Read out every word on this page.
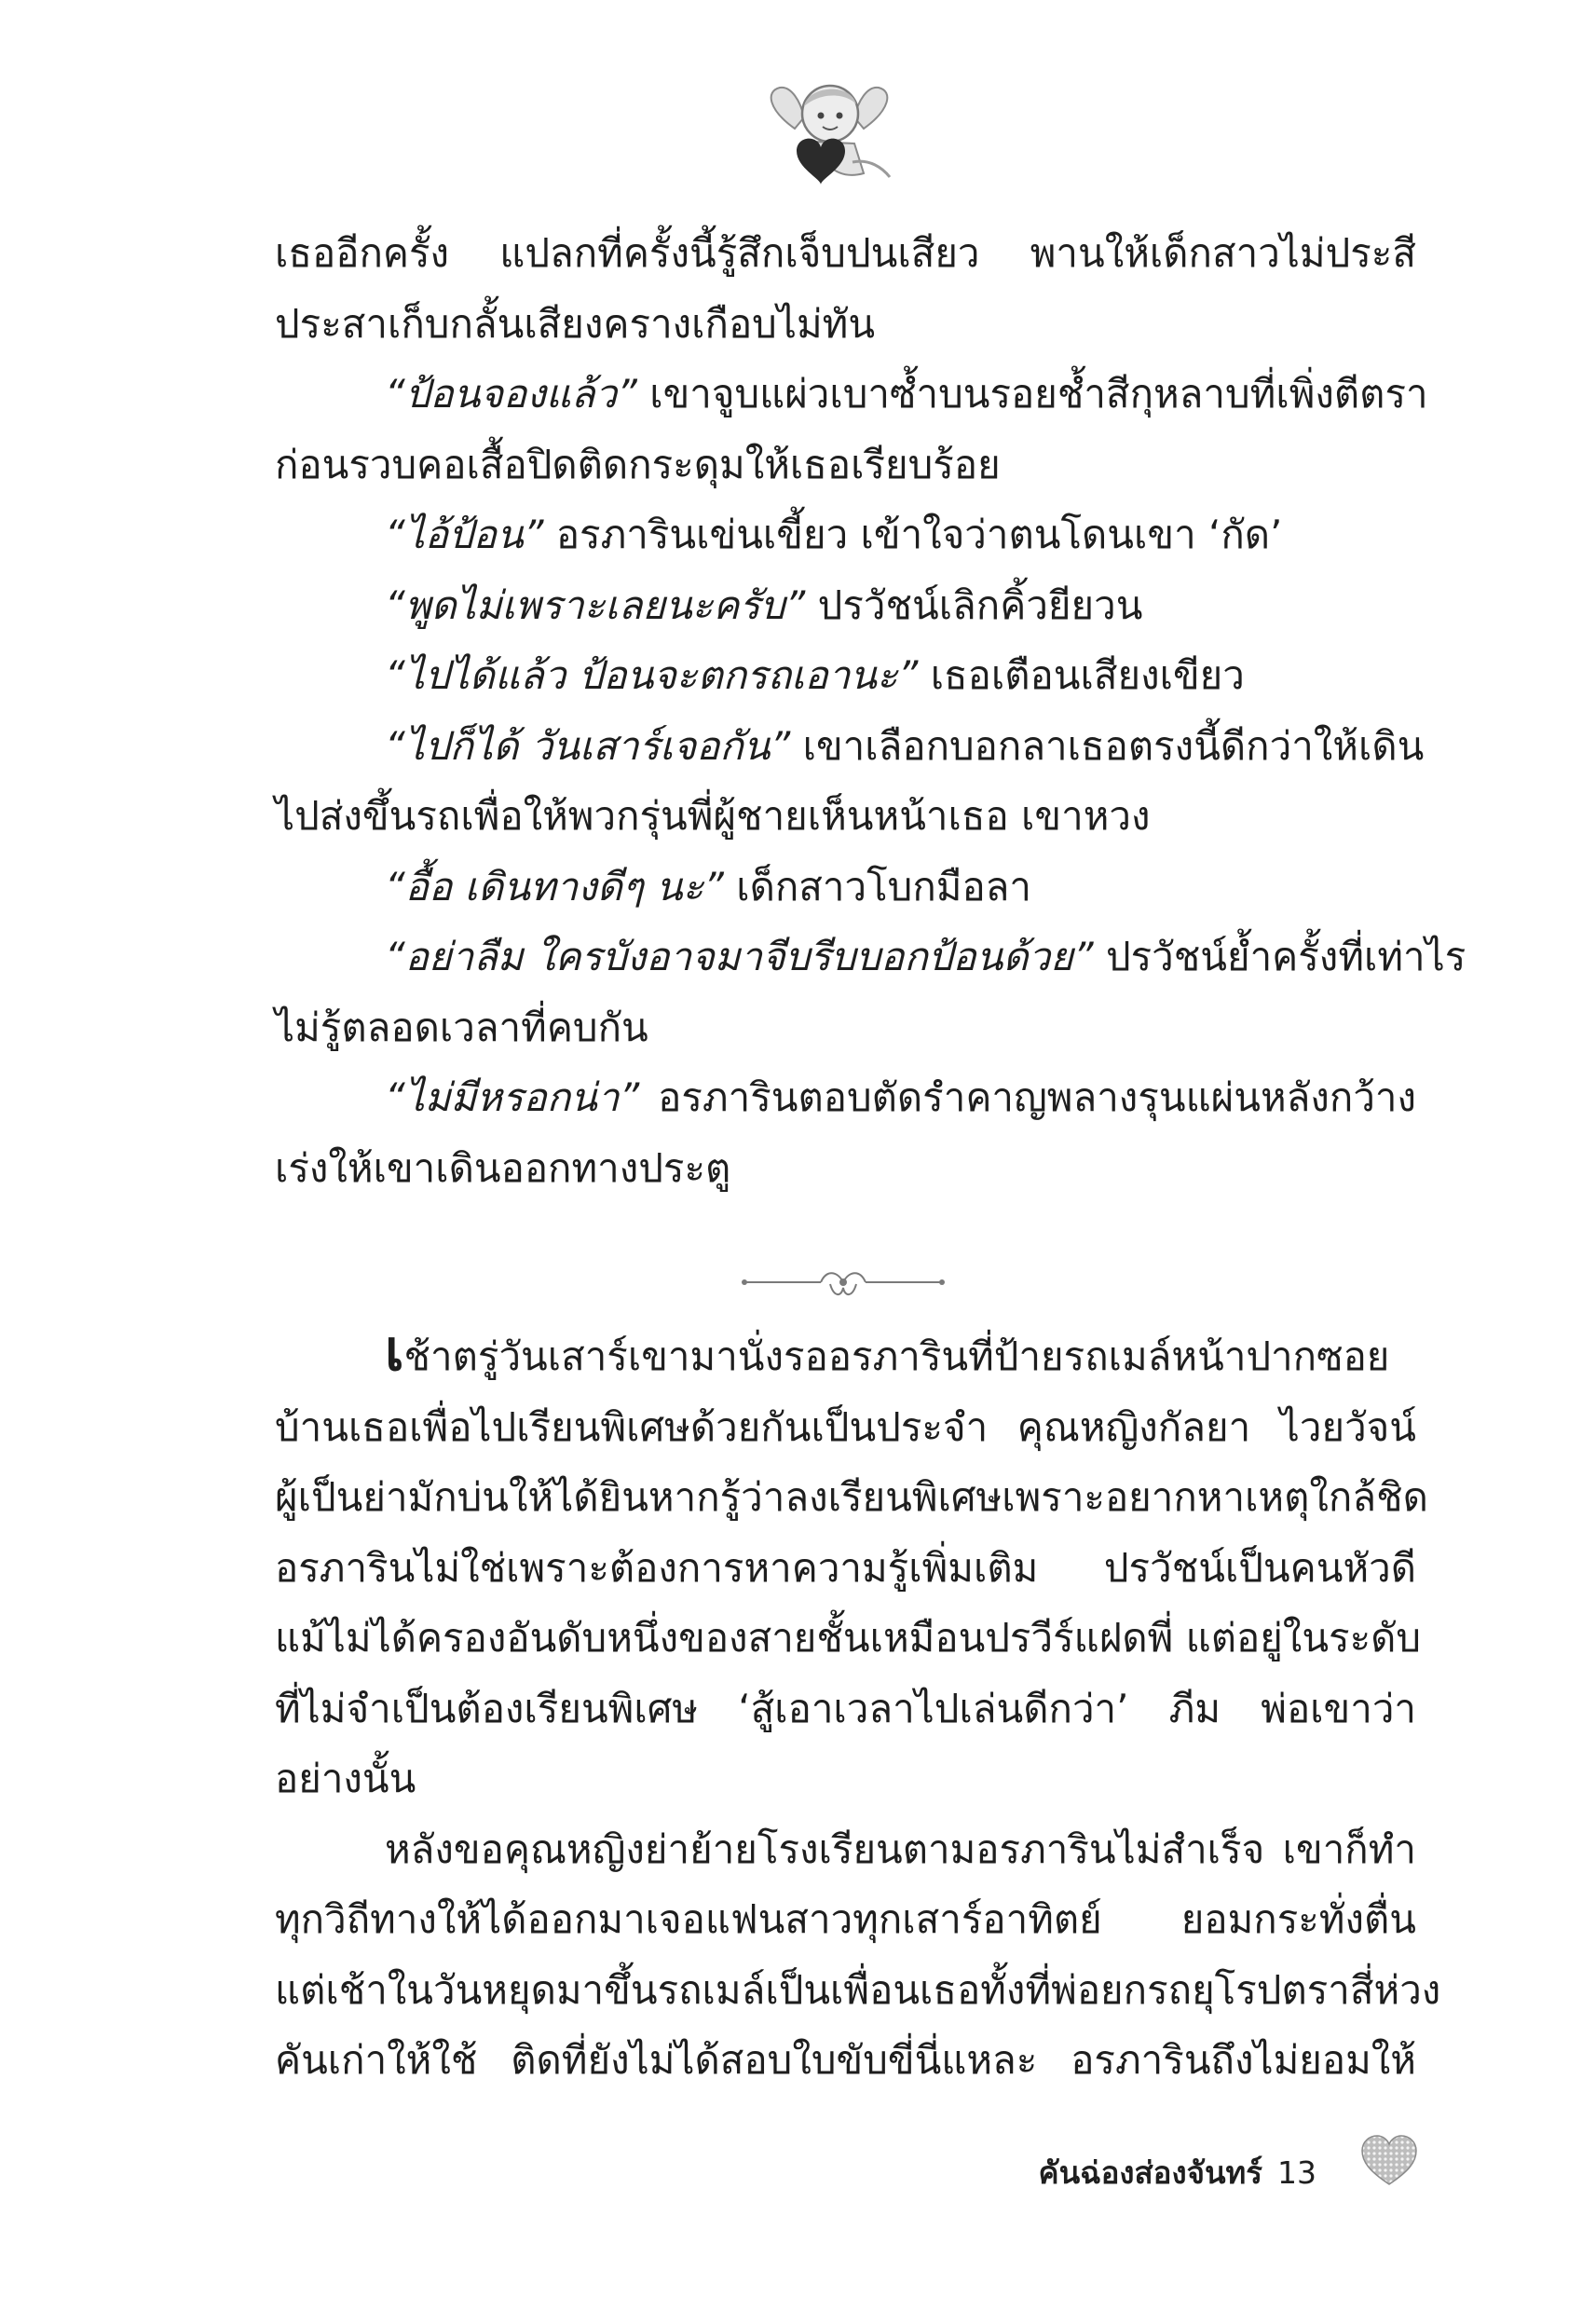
เธออีกครั้ง แปลกที่ครั้งนี้รู้สึกเจ็บปนเสียว พานให้เด็กสาวไม่ประสี
ประสาเก็บกลั้นเสียงครางเกือบไม่ทัน
“ป้อนจองแล้ว” เขาจูบแผ่วเบาซ้ำบนรอยช้ำสีกุหลาบที่เพิ่งตีตรา
ก่อนรวบคอเสื้อปิดติดกระดุมให้เธอเรียบร้อย
“ไอ้ป้อน” อรภารินเข่นเขี้ยว เข้าใจว่าตนโดนเขา ‘กัด’
“พูดไม่เพราะเลยนะครับ” ปรวัชน์เลิกคิ้วยียวน
“ไปได้แล้ว ป้อนจะตกรถเอานะ” เธอเตือนเสียงเขียว
“ไปก็ได้ วันเสาร์เจอกัน” เขาเลือกบอกลาเธอตรงนี้ดีกว่าให้เดิน
ไปส่งขึ้นรถเพื่อให้พวกรุ่นพี่ผู้ชายเห็นหน้าเธอ เขาหวง
“อื้อ เดินทางดีๆ นะ” เด็กสาวโบกมือลา
“อย่าลืม ใครบังอาจมาจีบรีบบอกป้อนด้วย” ปรวัชน์ย้ำครั้งที่เท่าไร
ไม่รู้ตลอดเวลาที่คบกัน
“ไม่มีหรอกน่า” อรภารินตอบตัดรำคาญพลางรุนแผ่นหลังกว้าง
เร่งให้เขาเดินออกทางประตู
เช้าตรู่วันเสาร์เขามานั่งรออรภารินที่ป้ายรถเมล์หน้าปากซอย
บ้านเธอเพื่อไปเรียนพิเศษด้วยกันเป็นประจำ คุณหญิงกัลยา ไวยวัจน์
ผู้เป็นย่ามักบ่นให้ได้ยินหากรู้ว่าลงเรียนพิเศษเพราะอยากหาเหตุใกล้ชิด
อรภารินไม่ใช่เพราะต้องการหาความรู้เพิ่มเติม ปรวัชน์เป็นคนหัวดี
แม้ไม่ได้ครองอันดับหนึ่งของสายชั้นเหมือนปรวีร์แฝดพี่ แต่อยู่ในระดับ
ที่ไม่จำเป็นต้องเรียนพิเศษ ‘สู้เอาเวลาไปเล่นดีกว่า’ ภีม พ่อเขาว่า
อย่างนั้น
หลังขอคุณหญิงย่าย้ายโรงเรียนตามอรภารินไม่สำเร็จ เขาก็ทำ
ทุกวิถีทางให้ได้ออกมาเจอแฟนสาวทุกเสาร์อาทิตย์ ยอมกระทั่งตื่น
แต่เช้าในวันหยุดมาขึ้นรถเมล์เป็นเพื่อนเธอทั้งที่พ่อยกรถยุโรปตราสี่ห่วง
คันเก่าให้ใช้ ติดที่ยังไม่ได้สอบใบขับขี่นี่แหละ อรภารินถึงไม่ยอมให้
คันฉ่องส่องจันทร์ 13
